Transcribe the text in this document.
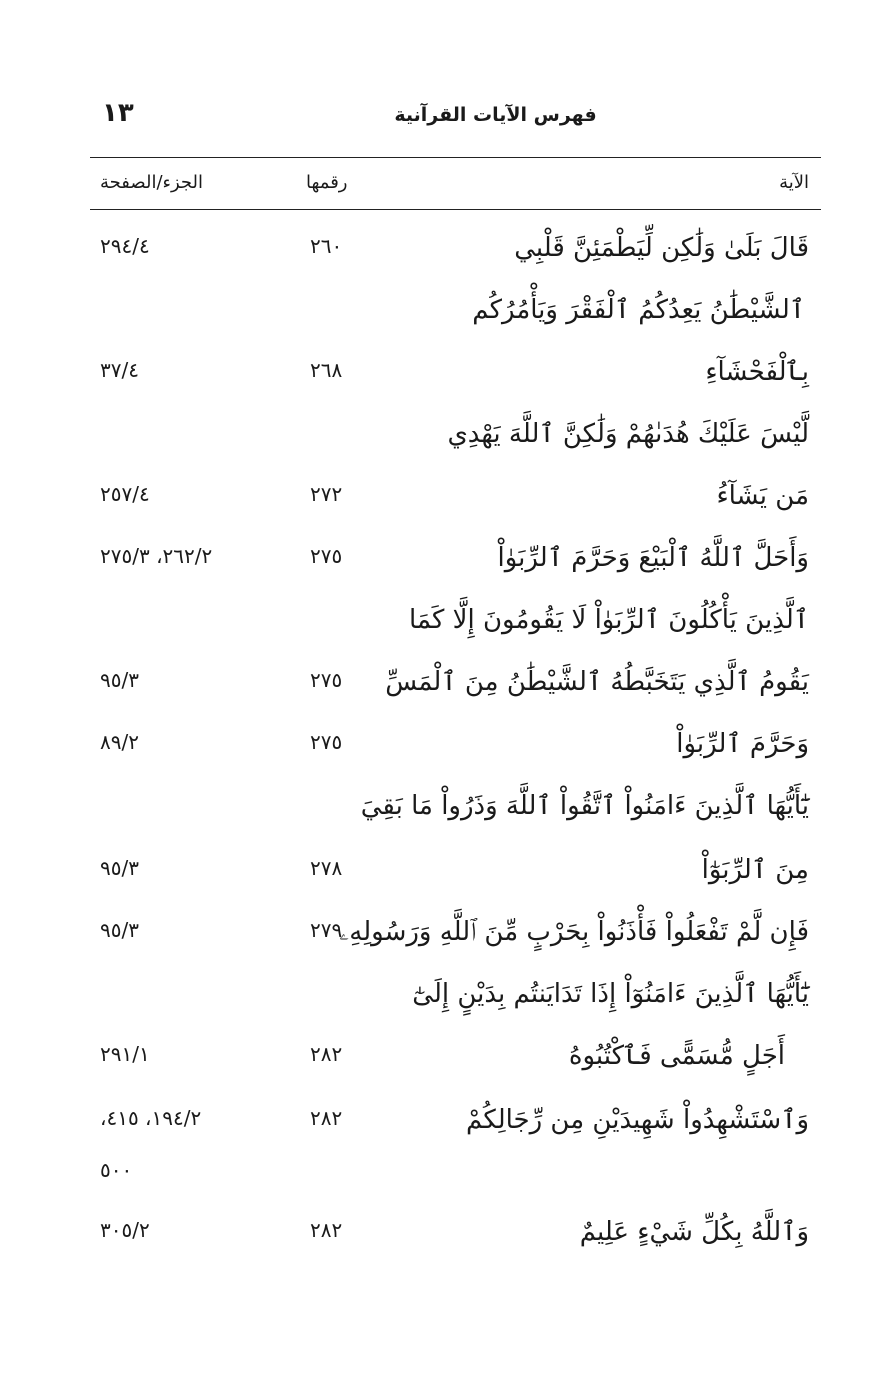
١٣	فهرس الآيات القرآنية
الآية
رقمها
الجزء/الصفحة
قَالَ بَلَىٰ وَلَٰكِن لِّيَطْمَئِنَّ قَلْبِي
٢٦٠
٢٩٤/٤
ٱلشَّيْطَٰنُ يَعِدُكُمُ ٱلْفَقْرَ وَيَأْمُرُكُم
بِٱلْفَحْشَآءِ
٢٦٨
٣٧/٤
لَّيْسَ عَلَيْكَ هُدَىٰهُمْ وَلَٰكِنَّ ٱللَّهَ يَهْدِي
مَن يَشَآءُ
٢٧٢
٢٥٧/٤
وَأَحَلَّ ٱللَّهُ ٱلْبَيْعَ وَحَرَّمَ ٱلرِّبَوٰاْ
٢٧٥
٢٦٢/٢، ٢٧٥/٣
ٱلَّذِينَ يَأْكُلُونَ ٱلرِّبَوٰاْ لَا يَقُومُونَ إِلَّا كَمَا
يَقُومُ ٱلَّذِي يَتَخَبَّطُهُ ٱلشَّيْطَٰنُ مِنَ ٱلْمَسِّ
٢٧٥
٩٥/٣
وَحَرَّمَ ٱلرِّبَوٰاْ
٢٧٥
٨٩/٢
يَٰٓأَيُّهَا ٱلَّذِينَ ءَامَنُواْ ٱتَّقُواْ ٱللَّهَ وَذَرُواْ مَا بَقِيَ
مِنَ ٱلرِّبَوٰٓاْ
٢٧٨
٩٥/٣
فَإِن لَّمْ تَفْعَلُواْ فَأْذَنُواْ بِحَرْبٍ مِّنَ ٱللَّهِ وَرَسُولِهِۦ
٢٧٩
٩٥/٣
يَٰٓأَيُّهَا ٱلَّذِينَ ءَامَنُوٓاْ إِذَا تَدَايَنتُم بِدَيْنٍ إِلَىٰٓ
أَجَلٍ مُّسَمًّى فَٱكْتُبُوهُ
٢٨٢
٢٩١/١
وَٱسْتَشْهِدُواْ شَهِيدَيْنِ مِن رِّجَالِكُمْ
٢٨٢
١٩٤/٢، ٤١٥،
٥٠٠
وَٱللَّهُ بِكُلِّ شَيْءٍ عَلِيمٌ
٢٨٢
٣٠٥/٢
